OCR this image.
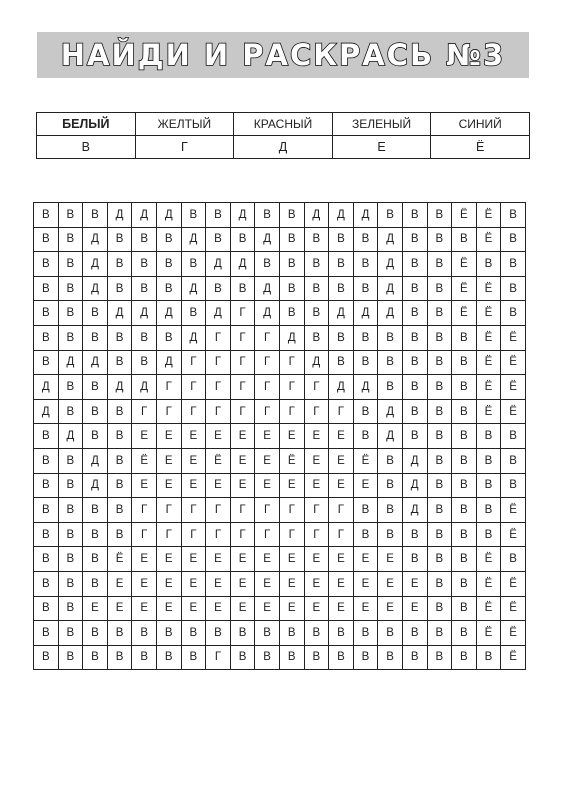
НАЙДИ И РАСКРАСЬ №3
БЕЛЫЙ	ЖЕЛТЫЙ	КРАСНЫЙ	ЗЕЛЕНЫЙ	СИНИЙ
В	Г	Д	Е	Ё
В	В	В	Д	Д	Д	В	В	Д	В	В	Д	Д	Д	В	В	В	Ё	Ё	В
В	В	Д	В	В	В	Д	В	В	Д	В	В	В	В	Д	В	В	В	Ё	В
В	В	Д	В	В	В	В	Д	Д	В	В	В	В	В	Д	В	В	Ё	В	В
В	В	Д	В	В	В	Д	В	В	Д	В	В	В	В	Д	В	В	Ё	Ё	В
В	В	В	Д	Д	Д	В	Д	Г	Д	В	В	Д	Д	Д	В	В	Ё	Ё	В
В	В	В	В	В	В	Д	Г	Г	Г	Д	В	В	В	В	В	В	В	Ё	Ё
В	Д	Д	В	В	Д	Г	Г	Г	Г	Г	Д	В	В	В	В	В	В	Ё	Ё
Д	В	В	Д	Д	Г	Г	Г	Г	Г	Г	Г	Д	Д	В	В	В	В	Ё	Ё
Д	В	В	В	Г	Г	Г	Г	Г	Г	Г	Г	Г	В	Д	В	В	В	Ё	Ё
В	Д	В	В	Е	Е	Е	Е	Е	Е	Е	Е	Е	В	Д	В	В	В	В	В
В	В	Д	В	Ё	Е	Е	Ё	Е	Е	Ё	Е	Е	Ё	В	Д	В	В	В	В
В	В	Д	В	Е	Е	Е	Е	Е	Е	Е	Е	Е	Е	В	Д	В	В	В	В
В	В	В	В	Г	Г	Г	Г	Г	Г	Г	Г	Г	В	В	Д	В	В	В	Ё
В	В	В	В	Г	Г	Г	Г	Г	Г	Г	Г	Г	В	В	В	В	В	В	Ё
В	В	В	Ё	Е	Е	Е	Е	Е	Е	Е	Е	Е	Е	Е	В	В	В	Ё	В
В	В	В	Е	Е	Е	Е	Е	Е	Е	Е	Е	Е	Е	Е	Е	В	В	Ё	Ё
В	В	Е	Е	Е	Е	Е	Е	Е	Е	Е	Е	Е	Е	Е	Е	В	В	Ё	Ё
В	В	В	В	В	В	В	В	В	В	В	В	В	В	В	В	В	В	Ё	Ё
В	В	В	В	В	В	В	Г	В	В	В	В	В	В	В	В	В	В	В	Ё
